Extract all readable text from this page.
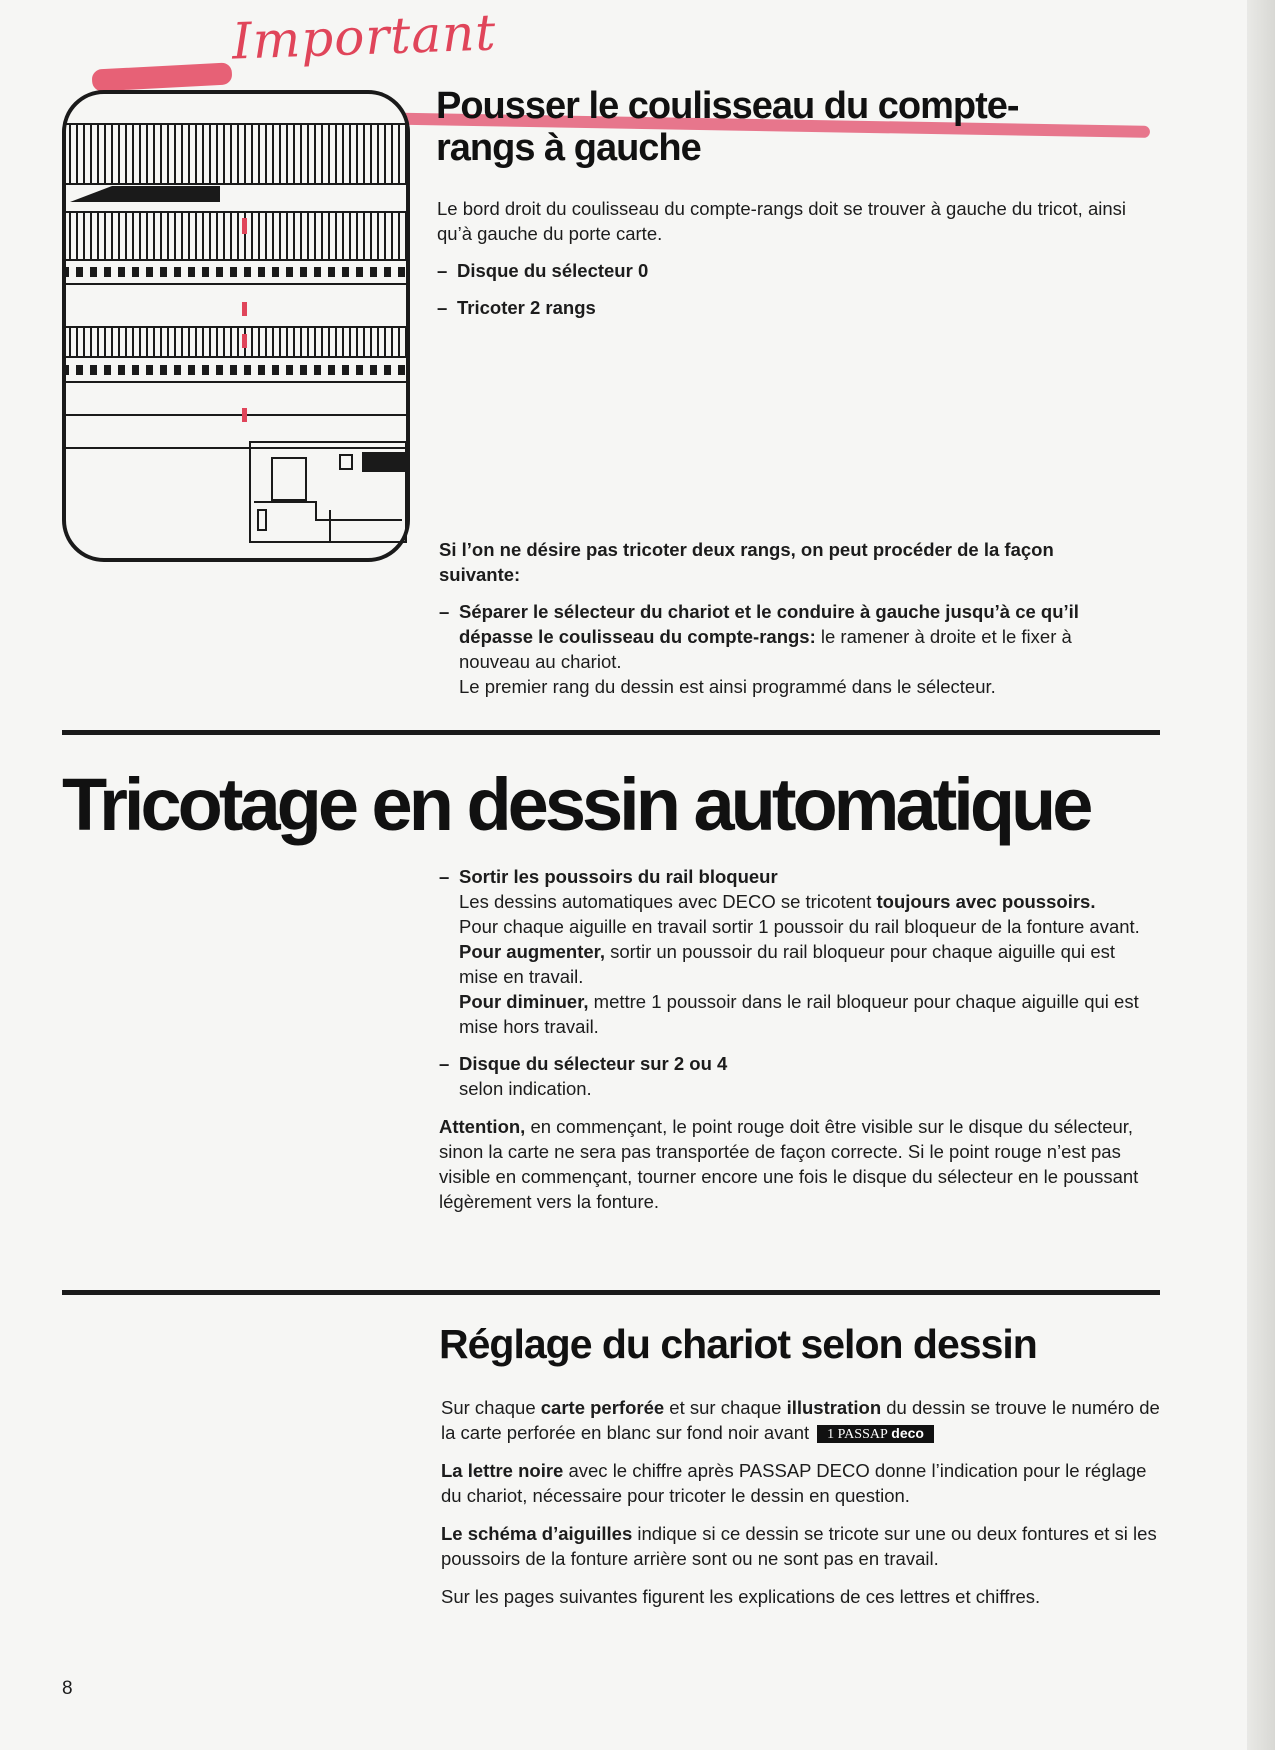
Important
Pousser le coulisseau du compte-
rangs à gauche

Le bord droit du coulisseau du compte-rangs doit se trouver à gauche du tricot, ainsi qu’à gauche du porte carte.

– Disque du sélecteur 0

– Tricoter 2 rangs

Si l’on ne désire pas tricoter deux rangs, on peut procéder de la façon suivante:

– Séparer le sélecteur du chariot et le conduire à gauche jusqu’à ce qu’il dépasse le coulisseau du compte-rangs: le ramener à droite et le fixer à nouveau au chariot.
Le premier rang du dessin est ainsi programmé dans le sélecteur.

Tricotage en dessin automatique

– Sortir les poussoirs du rail bloqueur

Les dessins automatiques avec DECO se tricotent toujours avec poussoirs.

Pour chaque aiguille en travail sortir 1 poussoir du rail bloqueur de la fonture avant.

Pour augmenter, sortir un poussoir du rail bloqueur pour chaque aiguille qui est mise en travail.

Pour diminuer, mettre 1 poussoir dans le rail bloqueur pour chaque aiguille qui est mise hors travail.

– Disque du sélecteur sur 2 ou 4

selon indication.

Attention, en commençant, le point rouge doit être visible sur le disque du sélecteur, sinon la carte ne sera pas transportée de façon correcte. Si le point rouge n’est pas visible en commençant, tourner encore une fois le disque du sélecteur en le poussant légèrement vers la fonture.

Réglage du chariot selon dessin

Sur chaque carte perforée et sur chaque illustration du dessin se trouve le numéro de la carte perforée en blanc sur fond noir avant 1 PASSAP deco

La lettre noire avec le chiffre après PASSAP DECO donne l’indication pour le réglage du chariot, nécessaire pour tricoter le dessin en question.

Le schéma d’aiguilles indique si ce dessin se tricote sur une ou deux fontures et si les poussoirs de la fonture arrière sont ou ne sont pas en travail.

Sur les pages suivantes figurent les explications de ces lettres et chiffres.

8
